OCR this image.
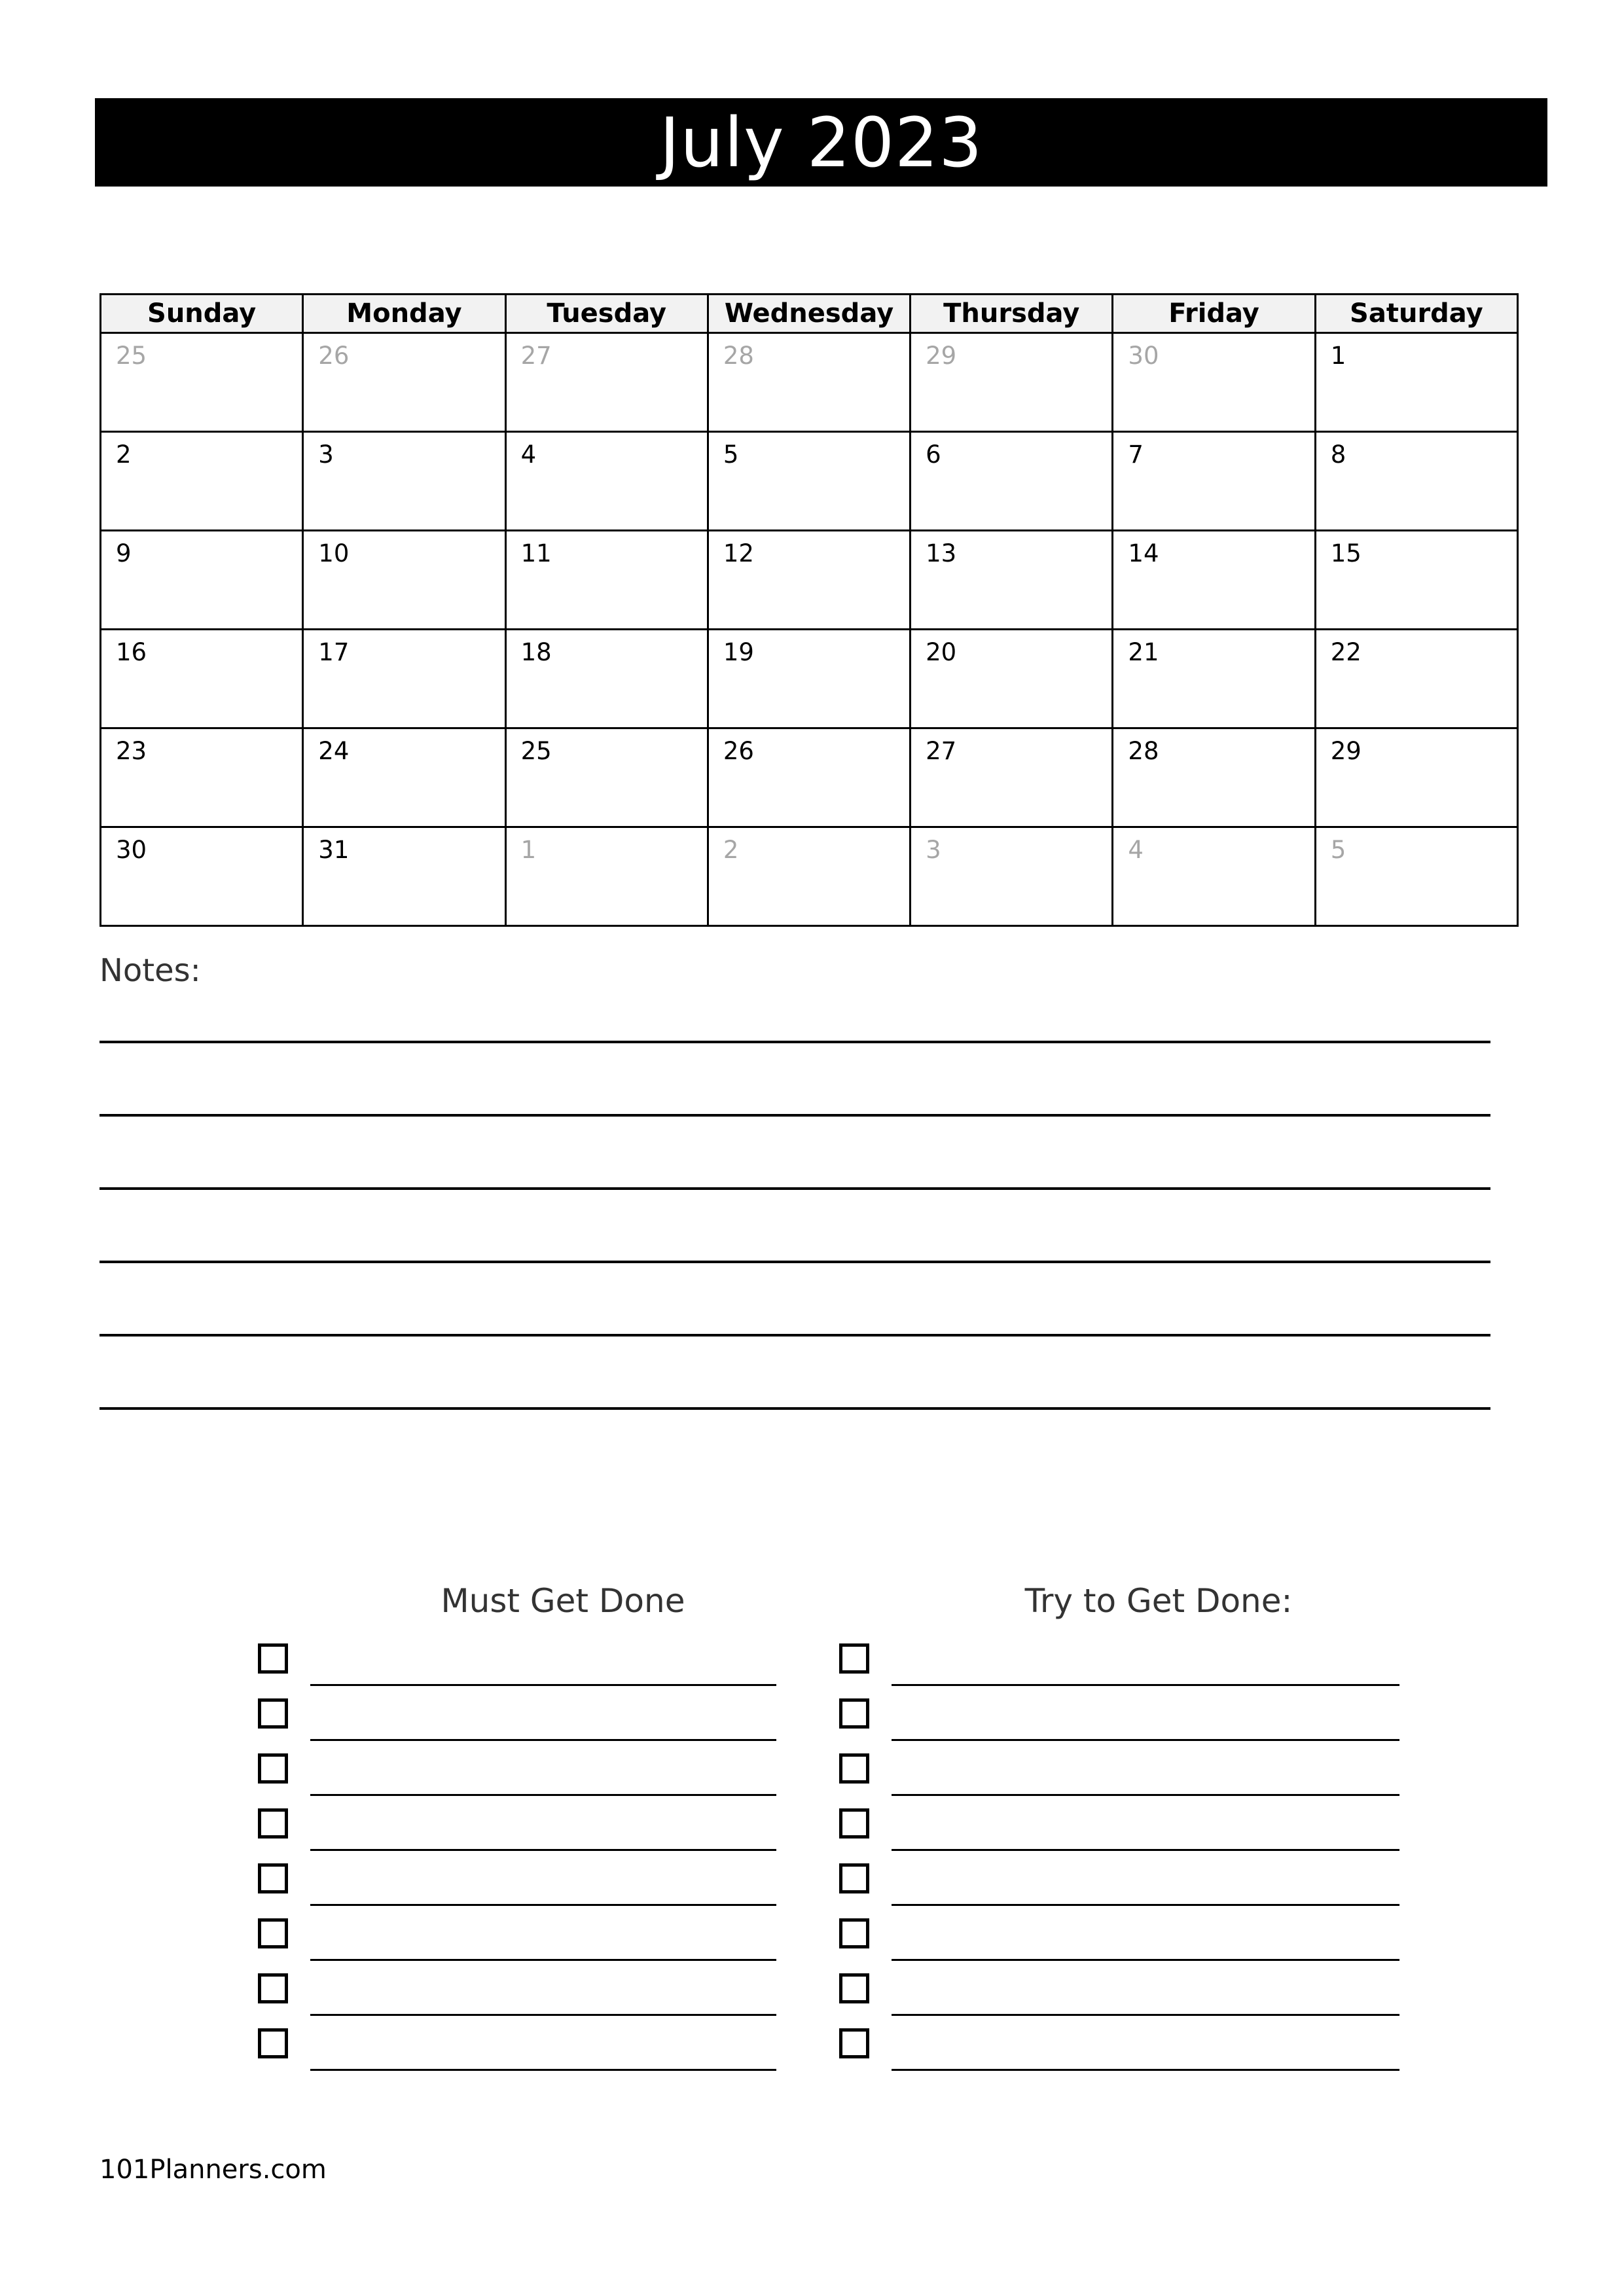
July 2023
Sunday	Monday	Tuesday	Wednesday	Thursday	Friday	Saturday
25	26	27	28	29	30	1
2	3	4	5	6	7	8
9	10	11	12	13	14	15
16	17	18	19	20	21	22
23	24	25	26	27	28	29
30	31	1	2	3	4	5
Notes:
Must Get Done	Try to Get Done:
101Planners.com
